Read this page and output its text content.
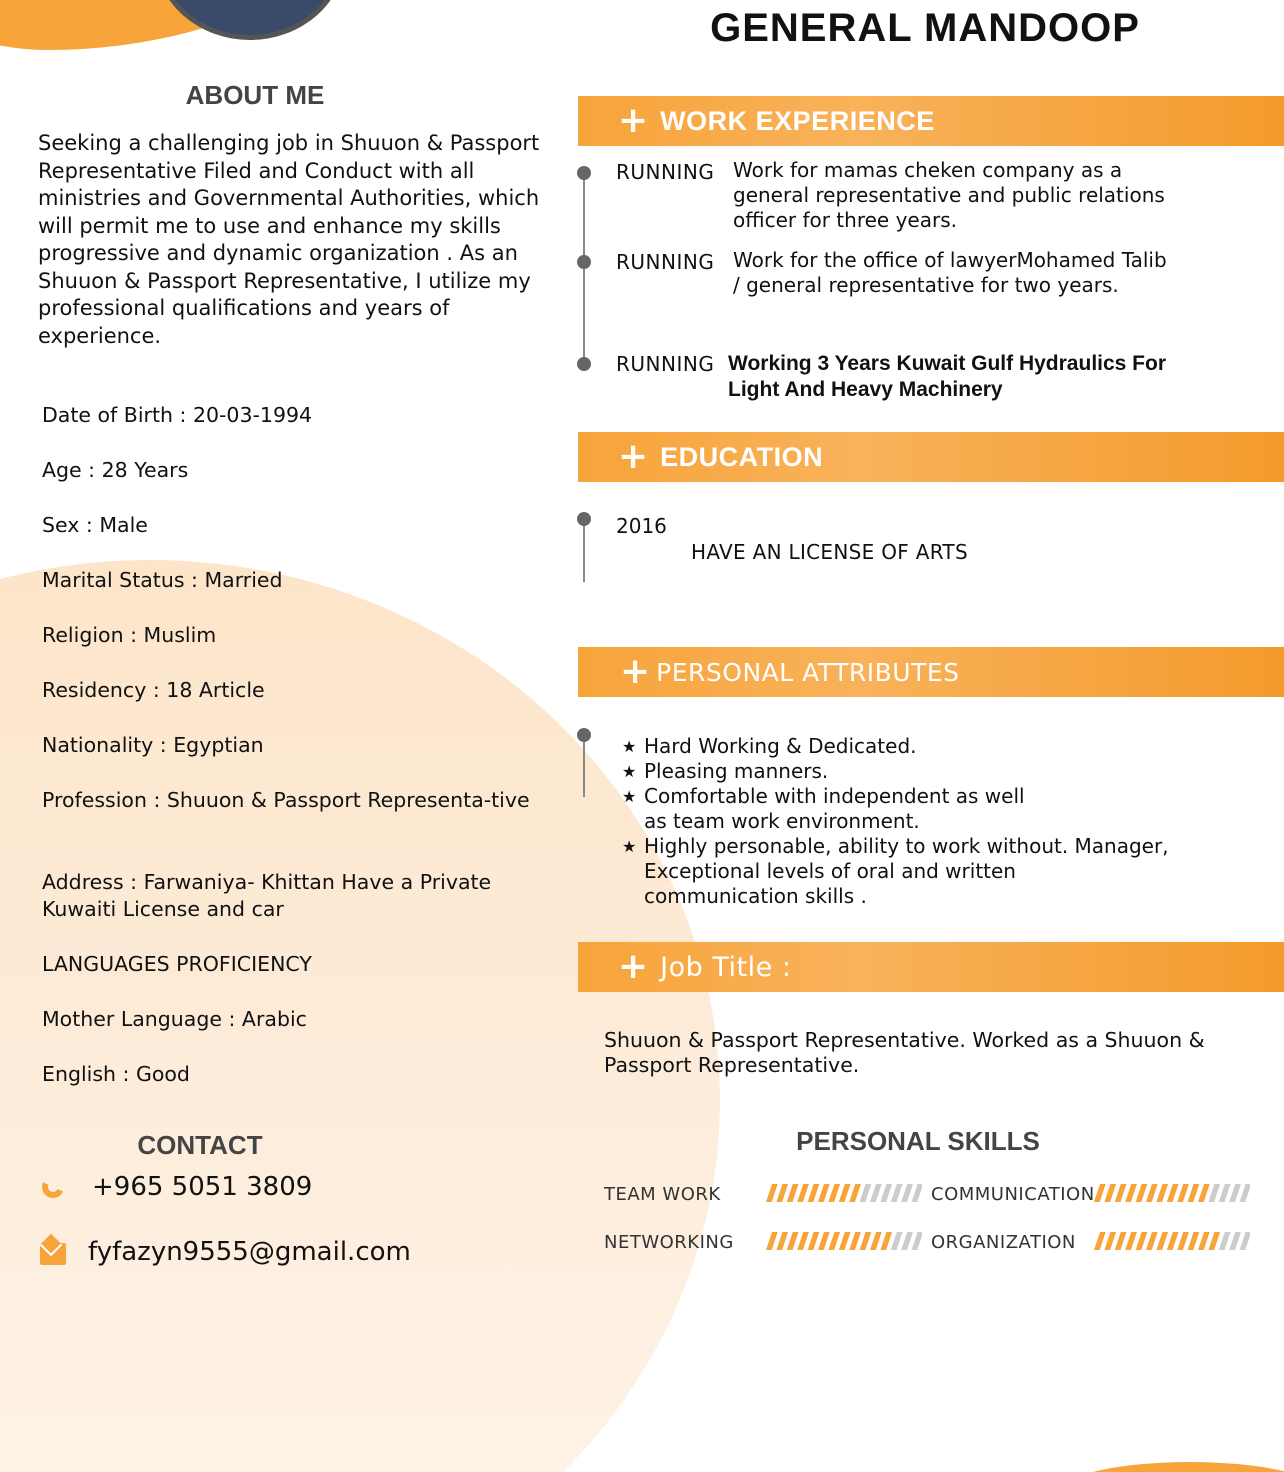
GENERAL MANDOOP
ABOUT ME
Seeking a challenging job in Shuuon & Passport Representative Filed and Conduct with all ministries and Governmental Authorities, which will permit me to use and enhance my skills progressive and dynamic organization . As an Shuuon & Passport Representative, I utilize my professional qualifications and years of experience.
Date of Birth : 20-03-1994
Age : 28 Years
Sex : Male
Marital Status : Married
Religion : Muslim
Residency : 18 Article
Nationality : Egyptian
Profession : Shuuon & Passport Representa-tive
Address : Farwaniya- Khittan Have a Private Kuwaiti License and car
LANGUAGES PROFICIENCY
Mother Language : Arabic
English : Good
CONTACT
+965 5051 3809
fyfazyn9555@gmail.com
+ WORK EXPERIENCE
RUNNING Work for mamas cheken company as a general representative and public relations officer for three years.
RUNNING Work for the office of lawyerMohamed Talib / general representative for two years.
RUNNING Working 3 Years Kuwait Gulf Hydraulics For Light And Heavy Machinery
+ EDUCATION
2016
HAVE AN LICENSE OF ARTS
+ PERSONAL ATTRIBUTES
★ Hard Working & Dedicated.
★ Pleasing manners.
★ Comfortable with independent as well as team work environment.
★ Highly personable, ability to work without. Manager, Exceptional levels of oral and written communication skills .
+ Job Title :
Shuuon & Passport Representative. Worked as a Shuuon & Passport Representative.
PERSONAL SKILLS
TEAM WORK	COMMUNICATION
NETWORKING	ORGANIZATION
